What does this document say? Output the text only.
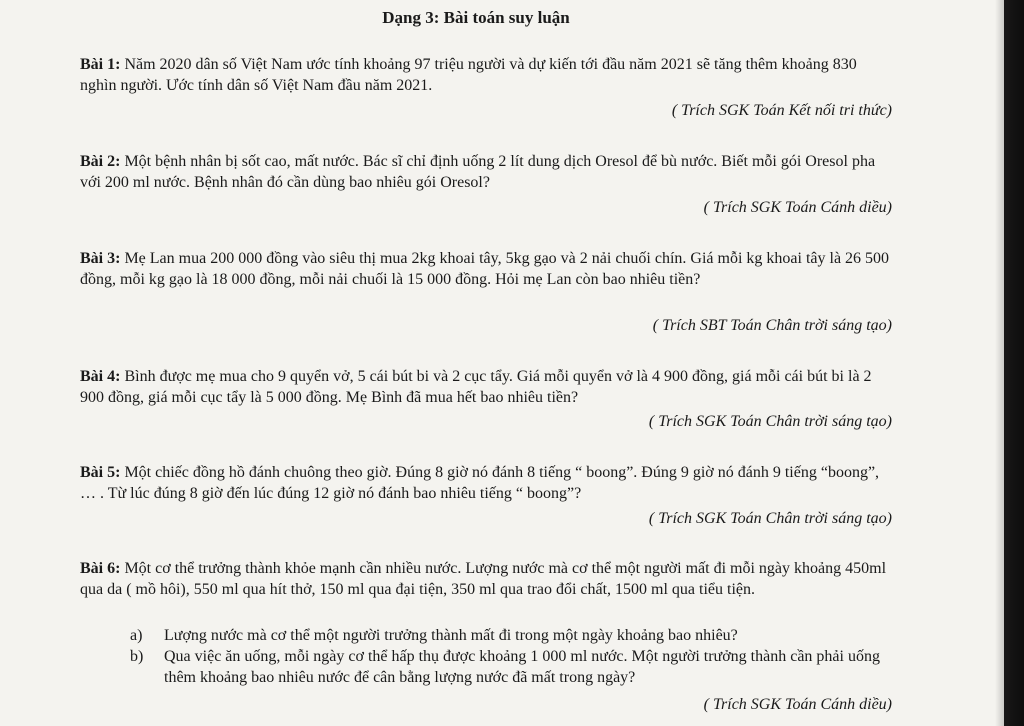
Dạng 3: Bài toán suy luận
Bài 1: Năm 2020 dân số Việt Nam ước tính khoảng 97 triệu người và dự kiến tới đầu năm 2021 sẽ tăng thêm khoảng 830 nghìn người. Ước tính dân số Việt Nam đầu năm 2021.
( Trích SGK Toán Kết nối tri thức)
Bài 2: Một bệnh nhân bị sốt cao, mất nước. Bác sĩ chỉ định uống 2 lít dung dịch Oresol để bù nước. Biết mỗi gói Oresol pha với 200 ml nước. Bệnh nhân đó cần dùng bao nhiêu gói Oresol?
( Trích SGK Toán Cánh diều)
Bài 3: Mẹ Lan mua 200 000 đồng vào siêu thị mua 2kg khoai tây, 5kg gạo và 2 nải chuối chín. Giá mỗi kg khoai tây là 26 500 đồng, mỗi kg gạo là 18 000 đồng, mỗi nải chuối là 15 000 đồng. Hỏi mẹ Lan còn bao nhiêu tiền?
( Trích SBT Toán Chân trời sáng tạo)
Bài 4: Bình được mẹ mua cho 9 quyển vở, 5 cái bút bi và 2 cục tẩy. Giá mỗi quyển vở là 4 900 đồng, giá mỗi cái bút bi là 2 900 đồng, giá mỗi cục tẩy là 5 000 đồng. Mẹ Bình đã mua hết bao nhiêu tiền?
( Trích SGK Toán Chân trời sáng tạo)
Bài 5: Một chiếc đồng hồ đánh chuông theo giờ. Đúng 8 giờ nó đánh 8 tiếng “ boong”. Đúng 9 giờ nó đánh 9 tiếng “boong”, … . Từ lúc đúng 8 giờ đến lúc đúng 12 giờ nó đánh bao nhiêu tiếng “ boong”?
( Trích SGK Toán Chân trời sáng tạo)
Bài 6: Một cơ thể trưởng thành khỏe mạnh cần nhiều nước. Lượng nước mà cơ thể một người mất đi mỗi ngày khoảng 450ml qua da ( mồ hôi), 550 ml qua hít thở, 150 ml qua đại tiện, 350 ml qua trao đổi chất, 1500 ml qua tiểu tiện.
a)	Lượng nước mà cơ thể một người trưởng thành mất đi trong một ngày khoảng bao nhiêu?
b)	Qua việc ăn uống, mỗi ngày cơ thể hấp thụ được khoảng 1 000 ml nước. Một người trưởng thành cần phải uống thêm khoảng bao nhiêu nước để cân bằng lượng nước đã mất trong ngày?
( Trích SGK Toán Cánh diều)
